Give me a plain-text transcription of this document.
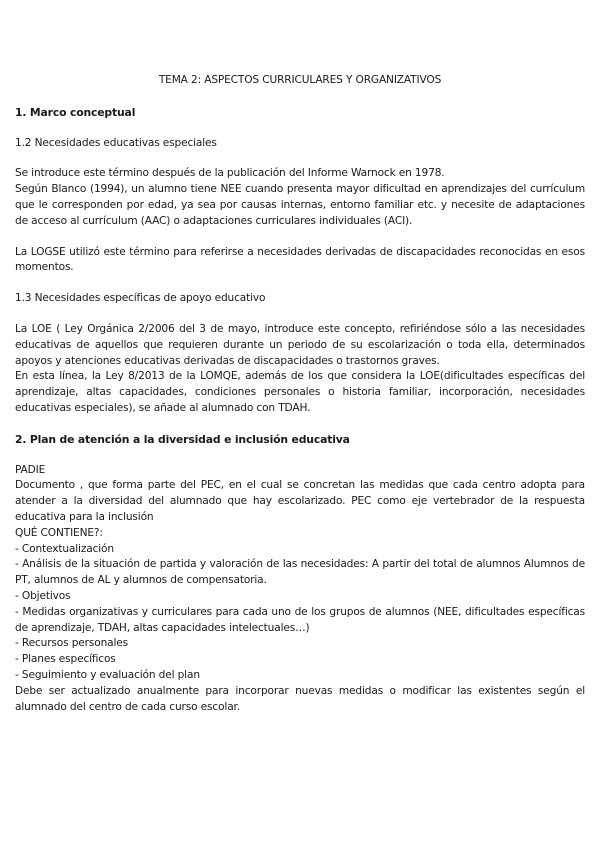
TEMA 2: ASPECTOS CURRICULARES Y ORGANIZATIVOS
1. Marco conceptual

1.2 Necesidades educativas especiales

Se introduce este término después de la publicación del Informe Warnock en 1978.

Según Blanco (1994), un alumno tiene NEE cuando presenta mayor dificultad en aprendizajes del currículum que le corresponden por edad, ya sea por causas internas, entorno familiar etc. y necesite de adaptaciones de acceso al currículum (AAC) o adaptaciones curriculares individuales (ACI).

La LOGSE utilizó este término para referirse a necesidades derivadas de discapacidades reconocidas en esos momentos.

1.3 Necesidades específicas de apoyo educativo

La LOE ( Ley Orgánica 2/2006 del 3 de mayo, introduce este concepto, refiriéndose sólo a las necesidades educativas de aquellos que requieren durante un periodo de su escolarización o toda ella, determinados apoyos y atenciones educativas derivadas de discapacidades o trastornos graves.

En esta línea, la Ley 8/2013 de la LOMQE, además de los que considera la LOE(dificultades específicas del aprendizaje, altas capacidades, condiciones personales o historia familiar, incorporación, necesidades educativas especiales), se añade al alumnado con TDAH.

2. Plan de atención a la diversidad e inclusión educativa

PADIE

Documento , que forma parte del PEC, en el cual se concretan las medidas que cada centro adopta para atender a la diversidad del alumnado que hay escolarizado. PEC como eje vertebrador de la respuesta educativa para la inclusión

QUÉ CONTIENE?:

- Contextualización
- Análisis de la situación de partida y valoración de las necesidades: A partir del total de alumnos Alumnos de PT, alumnos de AL y alumnos de compensatoria.
- Objetivos
- Medidas organizativas y curriculares para cada uno de los grupos de alumnos (NEE, dificultades específicas de aprendizaje, TDAH, altas capacidades intelectuales…)
- Recursos personales
- Planes específicos
- Seguimiento y evaluación del plan

Debe ser actualizado anualmente para incorporar nuevas medidas o modificar las existentes según el alumnado del centro de cada curso escolar.
